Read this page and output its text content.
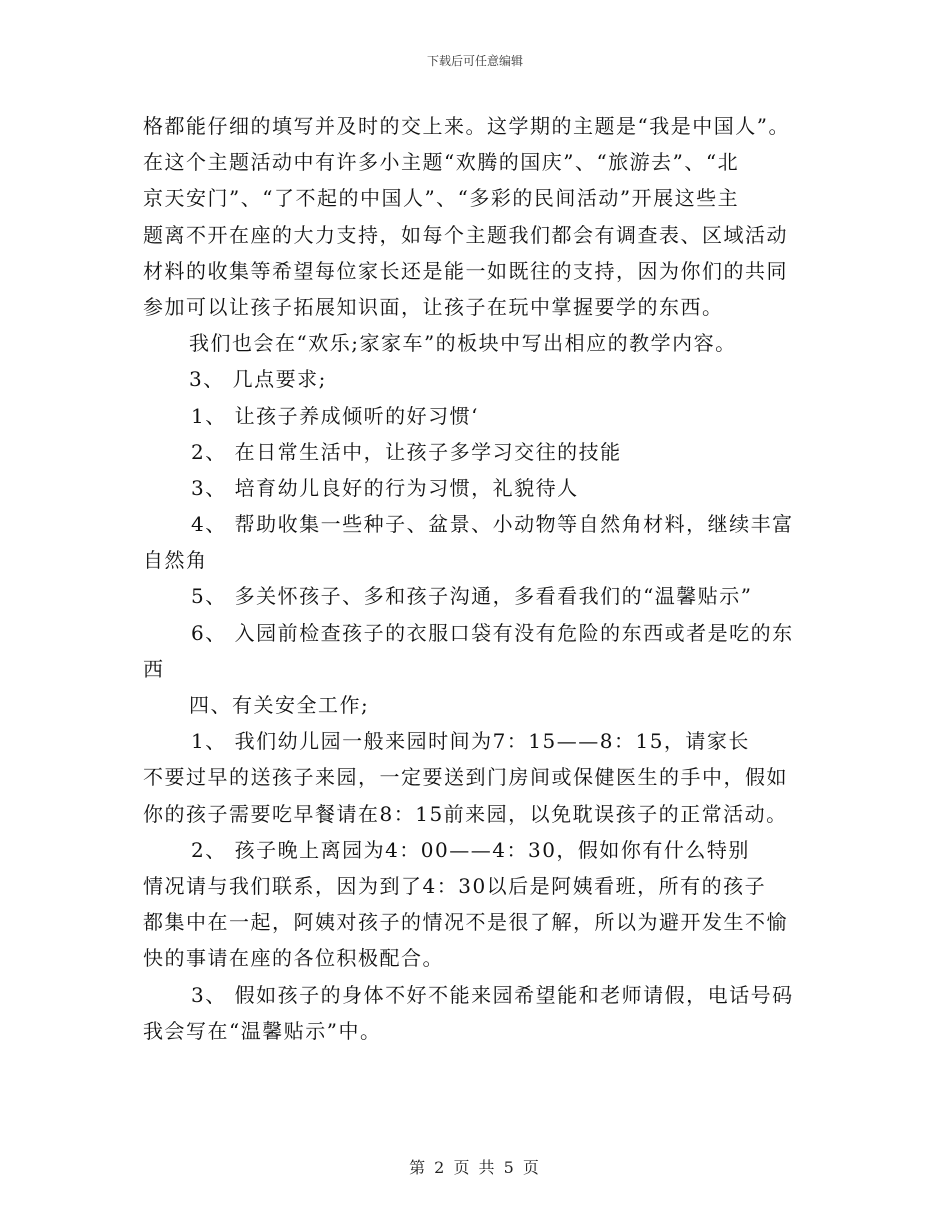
下载后可任意编辑
格都能仔细的填写并及时的交上来。这学期的主题是“我是中国人”。
在这个主题活动中有许多小主题“欢腾的国庆”、“旅游去”、“北
京天安门”、“了不起的中国人”、“多彩的民间活动”开展这些主
题离不开在座的大力支持，如每个主题我们都会有调查表、区域活动
材料的收集等希望每位家长还是能一如既往的支持，因为你们的共同
参加可以让孩子拓展知识面，让孩子在玩中掌握要学的东西。
我们也会在“欢乐;家家车”的板块中写出相应的教学内容。
3、 几点要求;
1、 让孩子养成倾听的好习惯‘
2、 在日常生活中，让孩子多学习交往的技能
3、 培育幼儿良好的行为习惯，礼貌待人
4、 帮助收集一些种子、盆景、小动物等自然角材料，继续丰富
自然角
5、 多关怀孩子、多和孩子沟通，多看看我们的“温馨贴示”
6、 入园前检查孩子的衣服口袋有没有危险的东西或者是吃的东
西
四、有关安全工作;
1、 我们幼儿园一般来园时间为7：15——8：15，请家长
不要过早的送孩子来园，一定要送到门房间或保健医生的手中，假如
你的孩子需要吃早餐请在8：15前来园，以免耽误孩子的正常活动。
2、 孩子晚上离园为4：00——4：30，假如你有什么特别
情况请与我们联系，因为到了4：30以后是阿姨看班，所有的孩子
都集中在一起，阿姨对孩子的情况不是很了解，所以为避开发生不愉
快的事请在座的各位积极配合。
3、 假如孩子的身体不好不能来园希望能和老师请假，电话号码
我会写在“温馨贴示”中。
第 2 页 共 5 页
